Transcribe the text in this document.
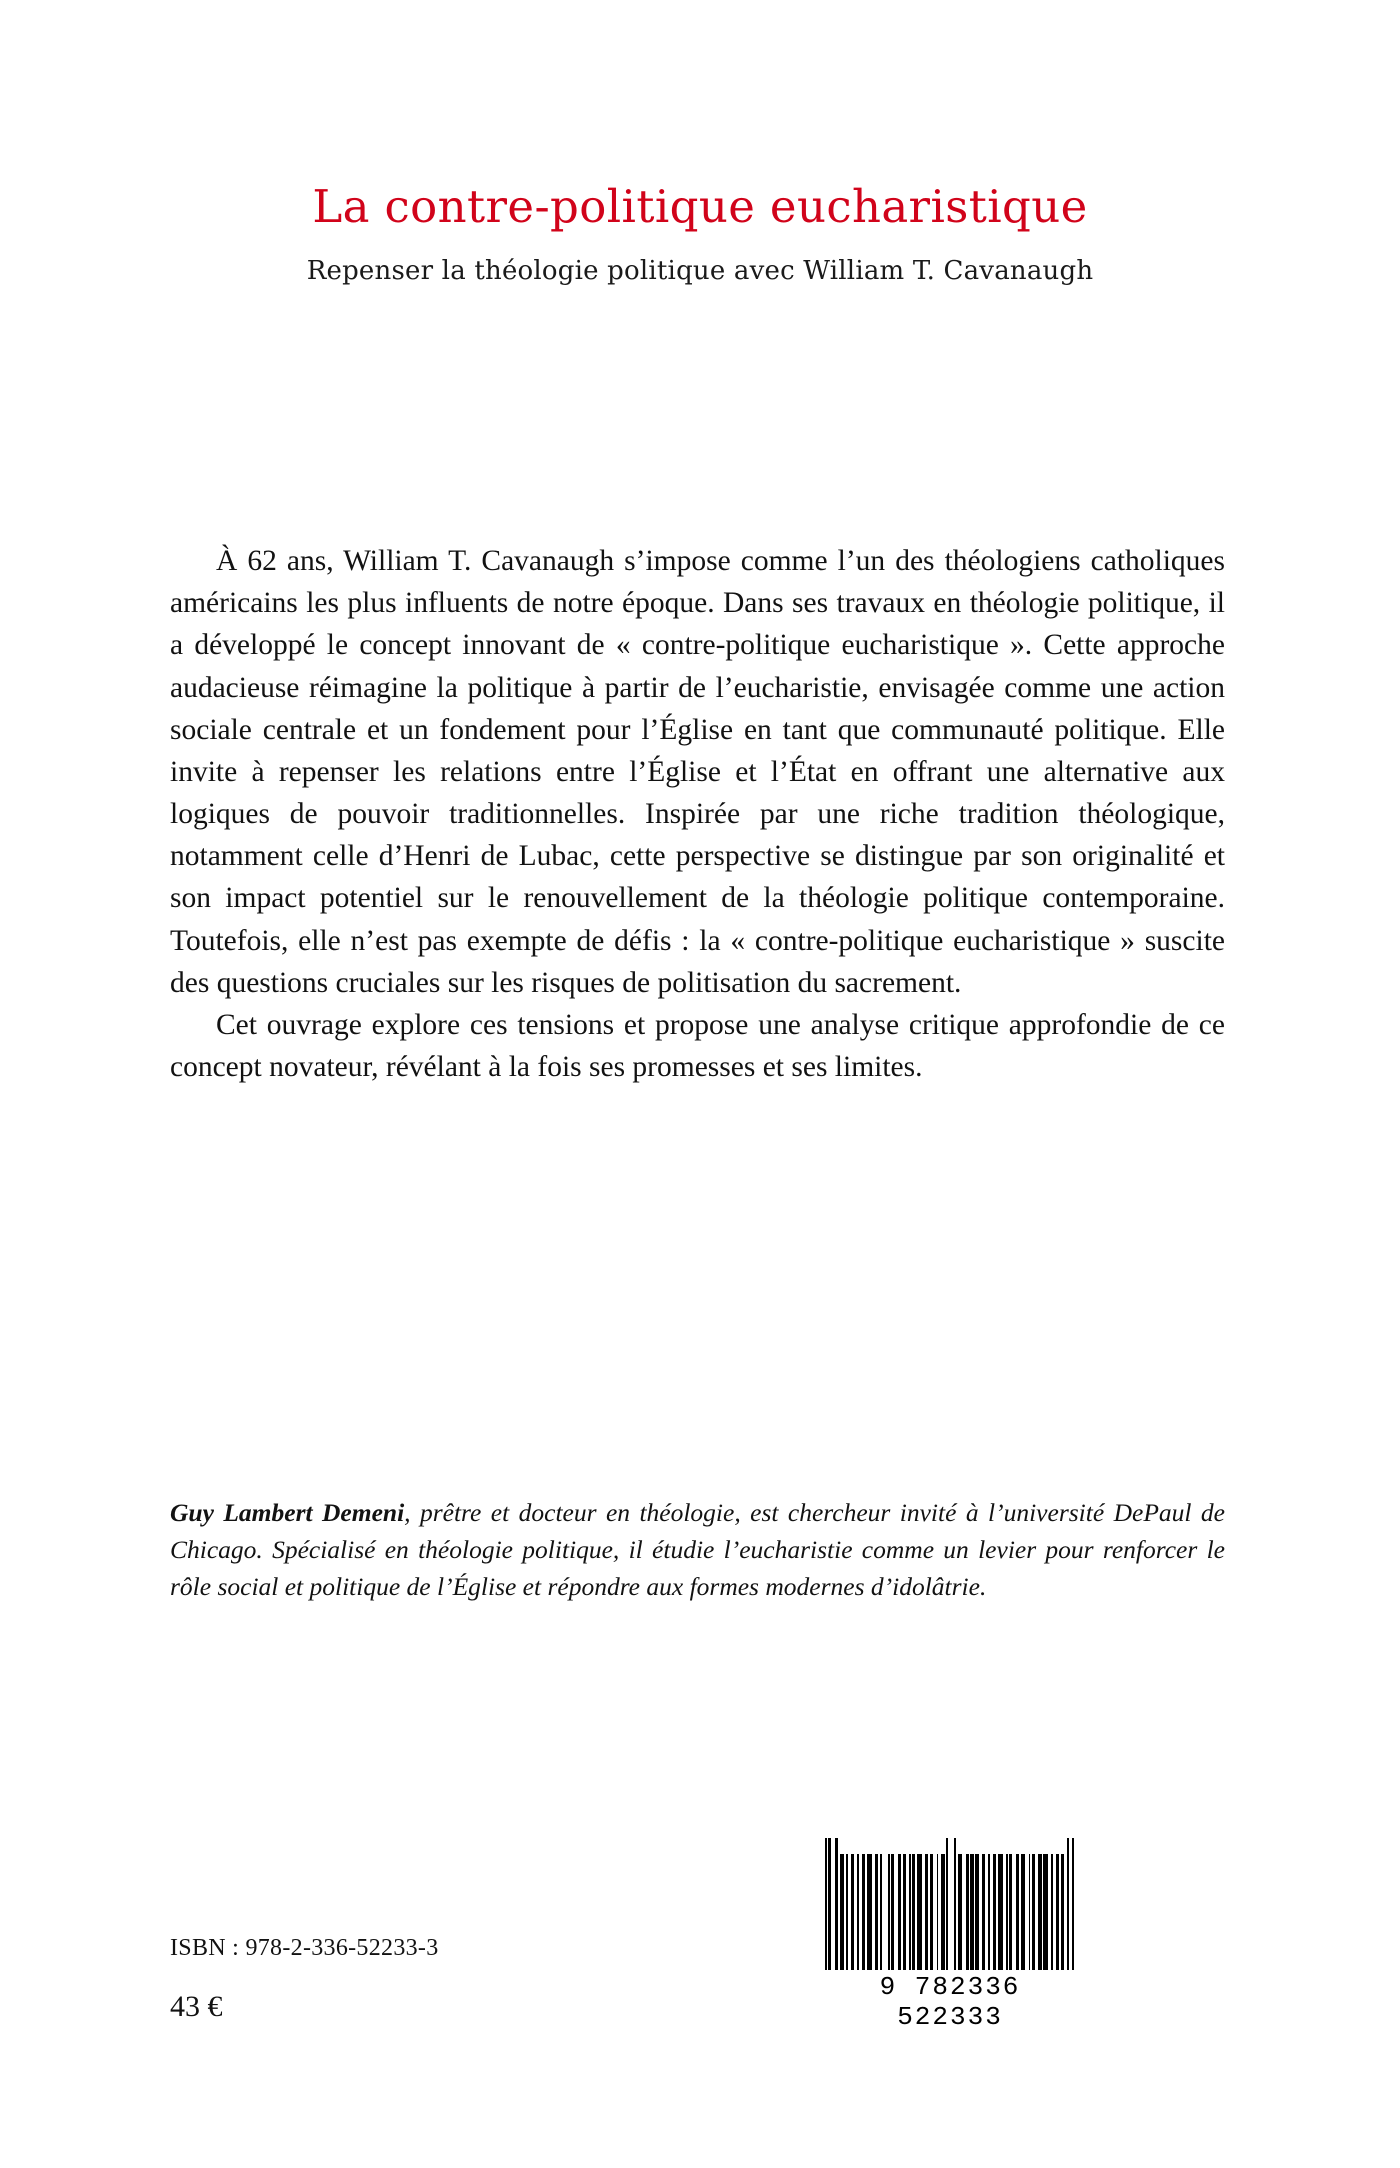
La contre-politique eucharistique
Repenser la théologie politique avec William T. Cavanaugh

À 62 ans, William T. Cavanaugh s’impose comme l’un des théologiens catholiques américains les plus influents de notre époque. Dans ses travaux en théologie politique, il a développé le concept innovant de « contre-politique eucharistique ». Cette approche audacieuse réimagine la politique à partir de l’eucharistie, envisagée comme une action sociale centrale et un fondement pour l’Église en tant que communauté politique. Elle invite à repenser les relations entre l’Église et l’État en offrant une alternative aux logiques de pouvoir traditionnelles. Inspirée par une riche tradition théologique, notamment celle d’Henri de Lubac, cette perspective se distingue par son originalité et son impact potentiel sur le renouvellement de la théologie politique contemporaine. Toutefois, elle n’est pas exempte de défis : la « contre-politique eucharistique » suscite des questions cruciales sur les risques de politisation du sacrement.

Cet ouvrage explore ces tensions et propose une analyse critique approfondie de ce concept novateur, révélant à la fois ses promesses et ses limites.

Guy Lambert Demeni, prêtre et docteur en théologie, est chercheur invité à l’université DePaul de Chicago. Spécialisé en théologie politique, il étudie l’eucharistie comme un levier pour renforcer le rôle social et politique de l’Église et répondre aux formes modernes d’idolâtrie.
ISBN : 978-2-336-52233-3
43 €
9 782336 522333
